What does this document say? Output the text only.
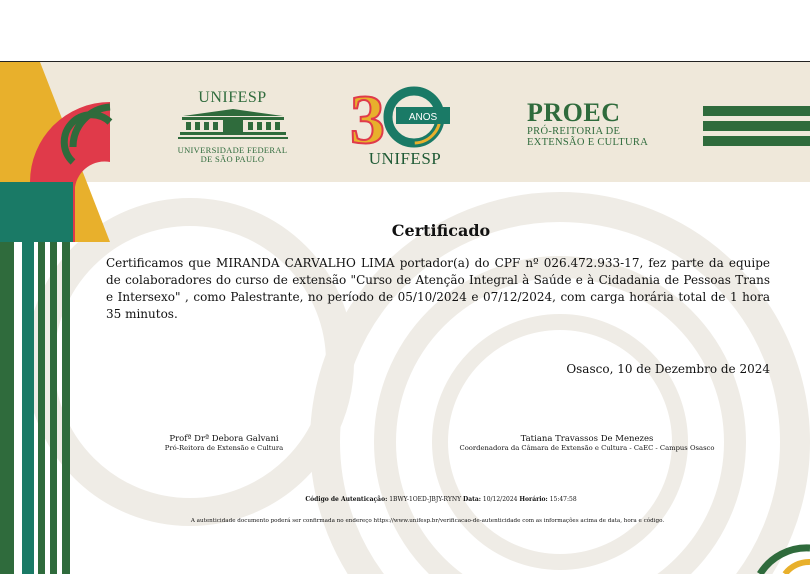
UNIFESP
UNIVERSIDADE FEDERAL
DE SÃO PAULO	3 ANOS
UNIFESP
PROEC
PRÓ-REITORIA DE
EXTENSÃO E CULTURA
Certificado
Certificamos que MIRANDA CARVALHO LIMA portador(a) do CPF nº 026.472.933-17, fez parte da equipe de colaboradores do curso de extensão "Curso de Atenção Integral à Saúde e à Cidadania de Pessoas Trans e Intersexo" , como Palestrante, no período de 05/10/2024 e 07/12/2024, com carga horária total de 1 hora 35 minutos.
Osasco, 10 de Dezembro de 2024
Profª Drª Debora Galvani
Pró-Reitora de Extensão e Cultura
Tatiana Travassos De Menezes
Coordenadora da Câmara de Extensão e Cultura - CaEC - Campus Osasco
Código de Autenticação: 1BWY-1OED-JBJY-RYNY Data: 10/12/2024 Horário: 15:47:58
A autenticidade documento poderá ser confirmada no endereço https://www.unifesp.br/verificacao-de-autenticidade com as informações acima de data, hora e código.
